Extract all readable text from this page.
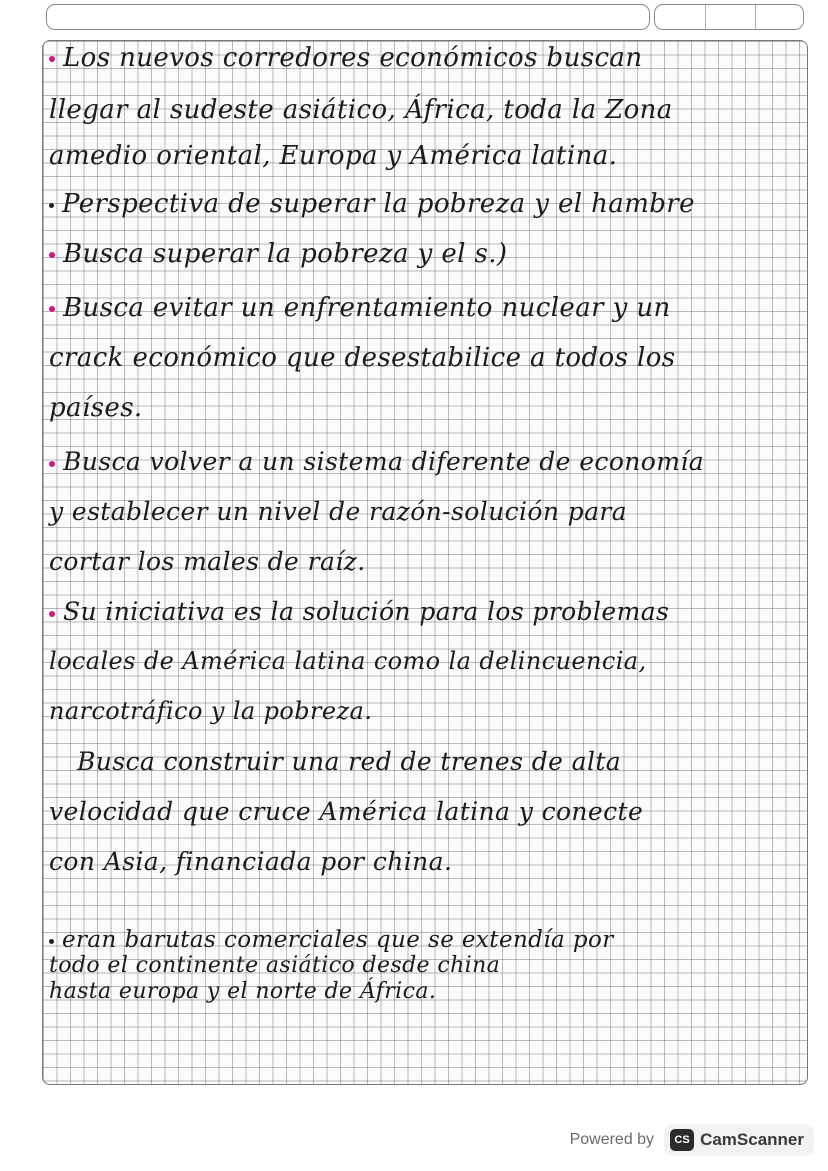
Los nuevos corredores económicos buscan
llegar al sudeste asiático, África, toda la Zona
amedio oriental, Europa y América latina.
Perspectiva de superar la pobreza y el hambre
Busca superar la pobreza y el s.)
Busca evitar un enfrentamiento nuclear y un
crack económico que desestabilice a todos los
países.
Busca volver a un sistema diferente de economía
y establecer un nivel de razón-solución para
cortar los males de raíz.
Su iniciativa es la solución para los problemas
locales de América latina como la delincuencia,
narcotráfico y la pobreza.
Busca construir una red de trenes de alta
velocidad que cruce América latina y conecte
con Asia, financiada por china.
eran barutas comerciales que se extendía por
todo el continente asiático desde china
hasta europa y el norte de África.
Powered by	CS CamScanner
